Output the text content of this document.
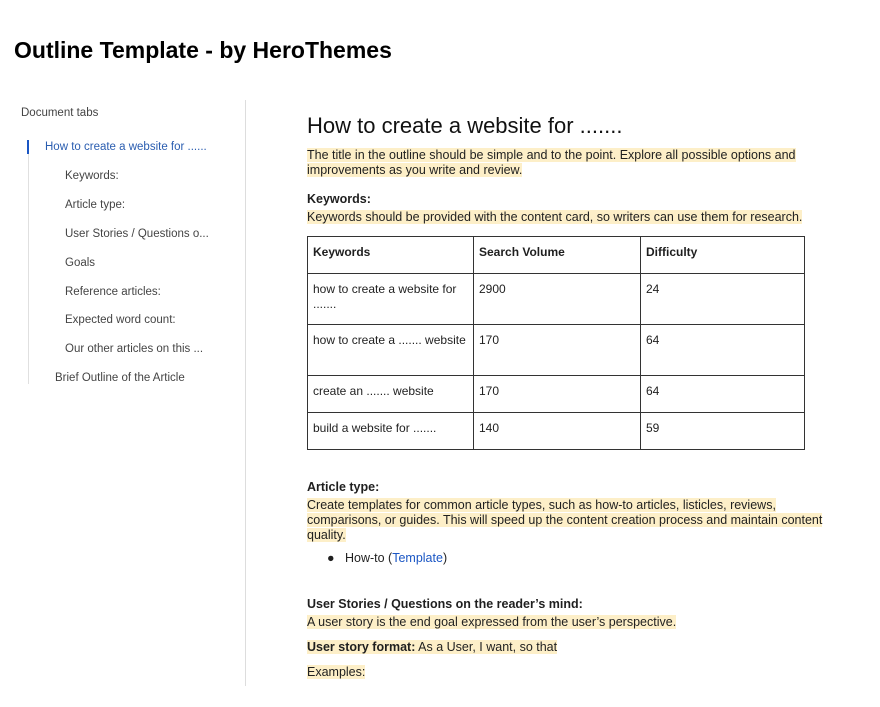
Outline Template - by HeroThemes
Document tabs
How to create a website for ......
Keywords:
Article type:
User Stories / Questions o...
Goals
Reference articles:
Expected word count:
Our other articles on this ...
Brief Outline of the Article
How to create a website for .......
The title in the outline should be simple and to the point. Explore all possible options and improvements as you write and review.
Keywords:
Keywords should be provided with the content card, so writers can use them for research.
Keywords	Search Volume	Difficulty
how to create a website for .......	2900	24
how to create a ....... website	170	64
create an ....... website	170	64
build a website for .......	140	59
Article type:
Create templates for common article types, such as how-to articles, listicles, reviews, comparisons, or guides. This will speed up the content creation process and maintain content quality.
●   How-to (Template)
User Stories / Questions on the reader’s mind:
A user story is the end goal expressed from the user’s perspective.
User story format: As a User, I want, so that
Examples:
